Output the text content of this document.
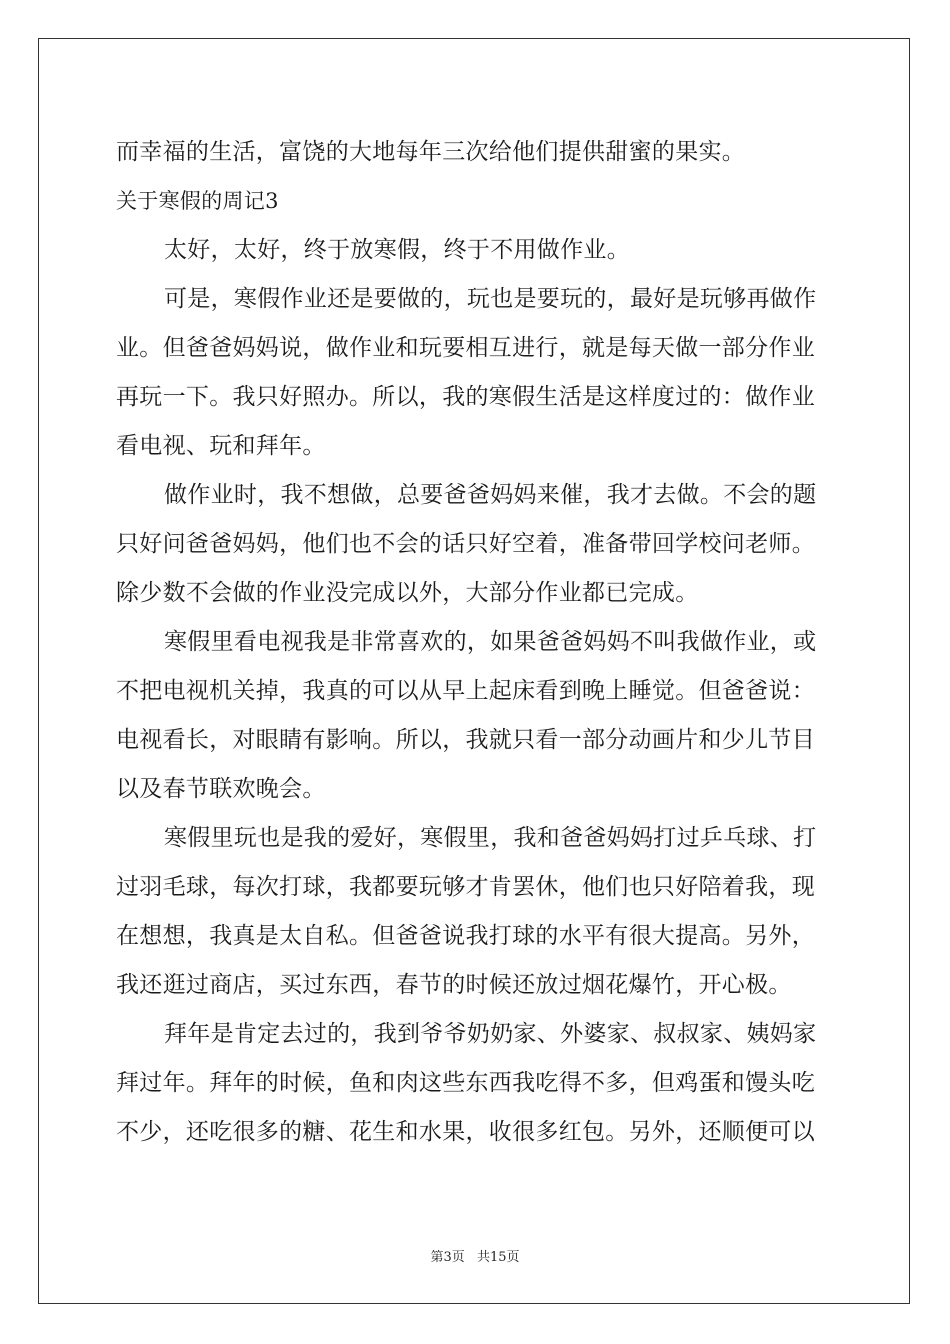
而幸福的生活，富饶的大地每年三次给他们提供甜蜜的果实。
关于寒假的周记3
太好，太好，终于放寒假，终于不用做作业。
可是，寒假作业还是要做的，玩也是要玩的，最好是玩够再做作
业。但爸爸妈妈说，做作业和玩要相互进行，就是每天做一部分作业
再玩一下。我只好照办。所以，我的寒假生活是这样度过的：做作业
看电视、玩和拜年。
做作业时，我不想做，总要爸爸妈妈来催，我才去做。不会的题
只好问爸爸妈妈，他们也不会的话只好空着，准备带回学校问老师。
除少数不会做的作业没完成以外，大部分作业都已完成。
寒假里看电视我是非常喜欢的，如果爸爸妈妈不叫我做作业，或
不把电视机关掉，我真的可以从早上起床看到晚上睡觉。但爸爸说：
电视看长，对眼睛有影响。所以，我就只看一部分动画片和少儿节目
以及春节联欢晚会。
寒假里玩也是我的爱好，寒假里，我和爸爸妈妈打过乒乓球、打
过羽毛球，每次打球，我都要玩够才肯罢休，他们也只好陪着我，现
在想想，我真是太自私。但爸爸说我打球的水平有很大提高。另外，
我还逛过商店，买过东西，春节的时候还放过烟花爆竹，开心极。
拜年是肯定去过的，我到爷爷奶奶家、外婆家、叔叔家、姨妈家
拜过年。拜年的时候，鱼和肉这些东西我吃得不多，但鸡蛋和馒头吃
不少，还吃很多的糖、花生和水果，收很多红包。另外，还顺便可以
第3页 共15页
